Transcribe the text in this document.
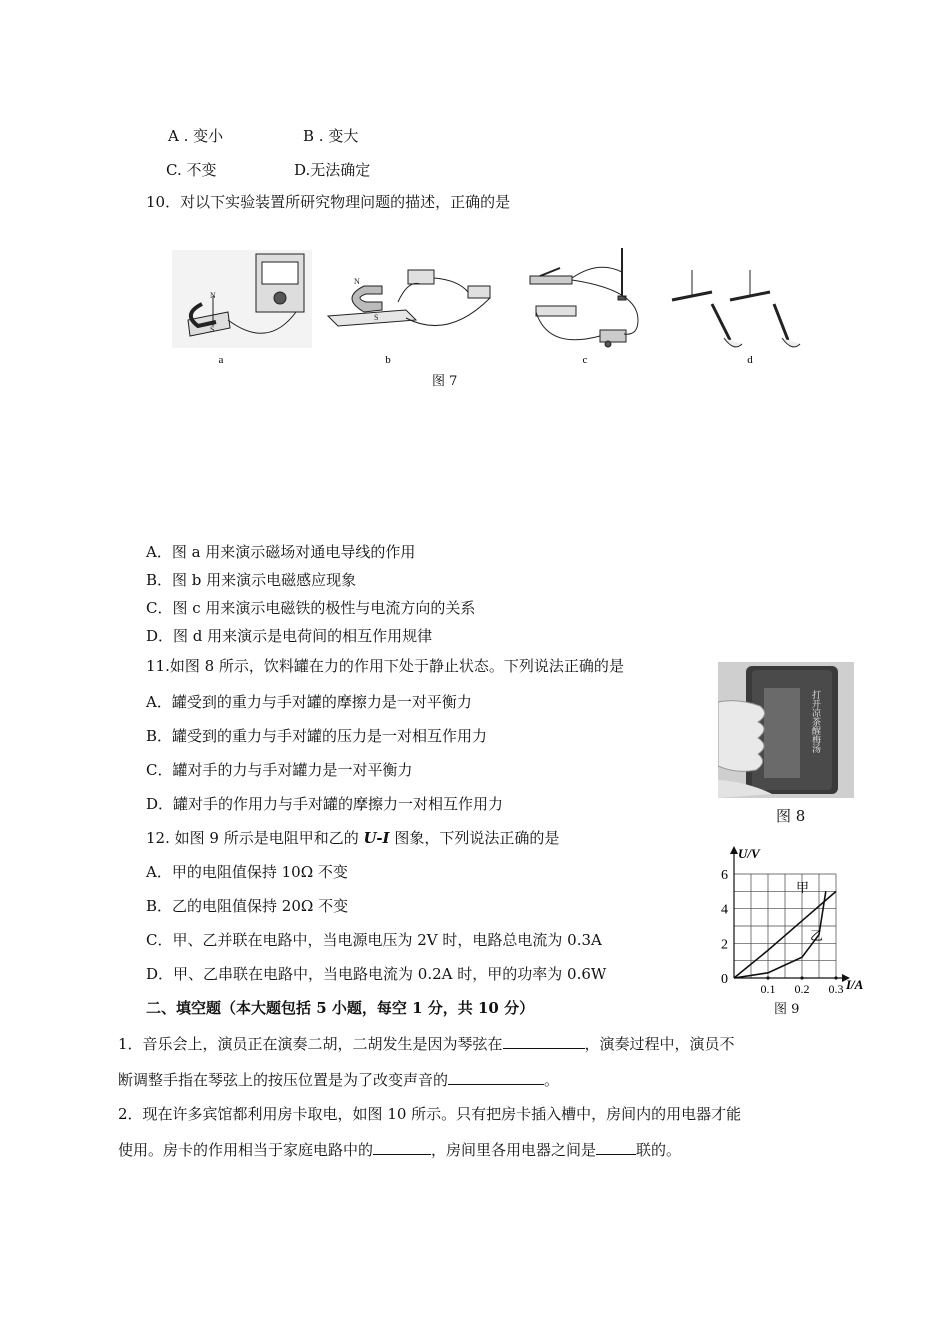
A . 变小	B . 变大
C. 不变	D.无法确定
10．对以下实验装置所研究物理问题的描述，正确的是
N
S
N
S
a	b	c	d
图 7
A．图 a 用来演示磁场对通电导线的作用
B．图 b 用来演示电磁感应现象
C．图 c 用来演示电磁铁的极性与电流方向的关系
D．图 d 用来演示是电荷间的相互作用规律
11.如图 8 所示，饮料罐在力的作用下处于静止状态。下列说法正确的是
A．罐受到的重力与手对罐的摩擦力是一对平衡力
B．罐受到的重力与手对罐的压力是一对相互作用力
C．罐对手的力与手对罐力是一对平衡力
D．罐对手的作用力与手对罐的摩擦力一对相互作用力
打开凉茶醒梅汤
图 8
12. 如图 9 所示是电阻甲和乙的 U-I 图象，下列说法正确的是
A．甲的电阻值保持 10Ω 不变
B．乙的电阻值保持 20Ω 不变
C．甲、乙并联在电路中，当电源电压为 2V 时，电路总电流为 0.3A
D．甲、乙串联在电路中，当电路电流为 0.2A 时，甲的功率为 0.6W
0.1 0.2 0.3
0
2
4
6
U/V
I/A
甲
乙
图 9
二、填空题（本大题包括 5 小题，每空 1 分，共 10 分）
1．音乐会上，演员正在演奏二胡，二胡发生是因为琴弦在	，演奏过程中，演员不
断调整手指在琴弦上的按压位置是为了改变声音的	。
2．现在许多宾馆都利用房卡取电，如图 10 所示。只有把房卡插入槽中，房间内的用电器才能
使用。房卡的作用相当于家庭电路中的	，房间里各用电器之间是	联的。
